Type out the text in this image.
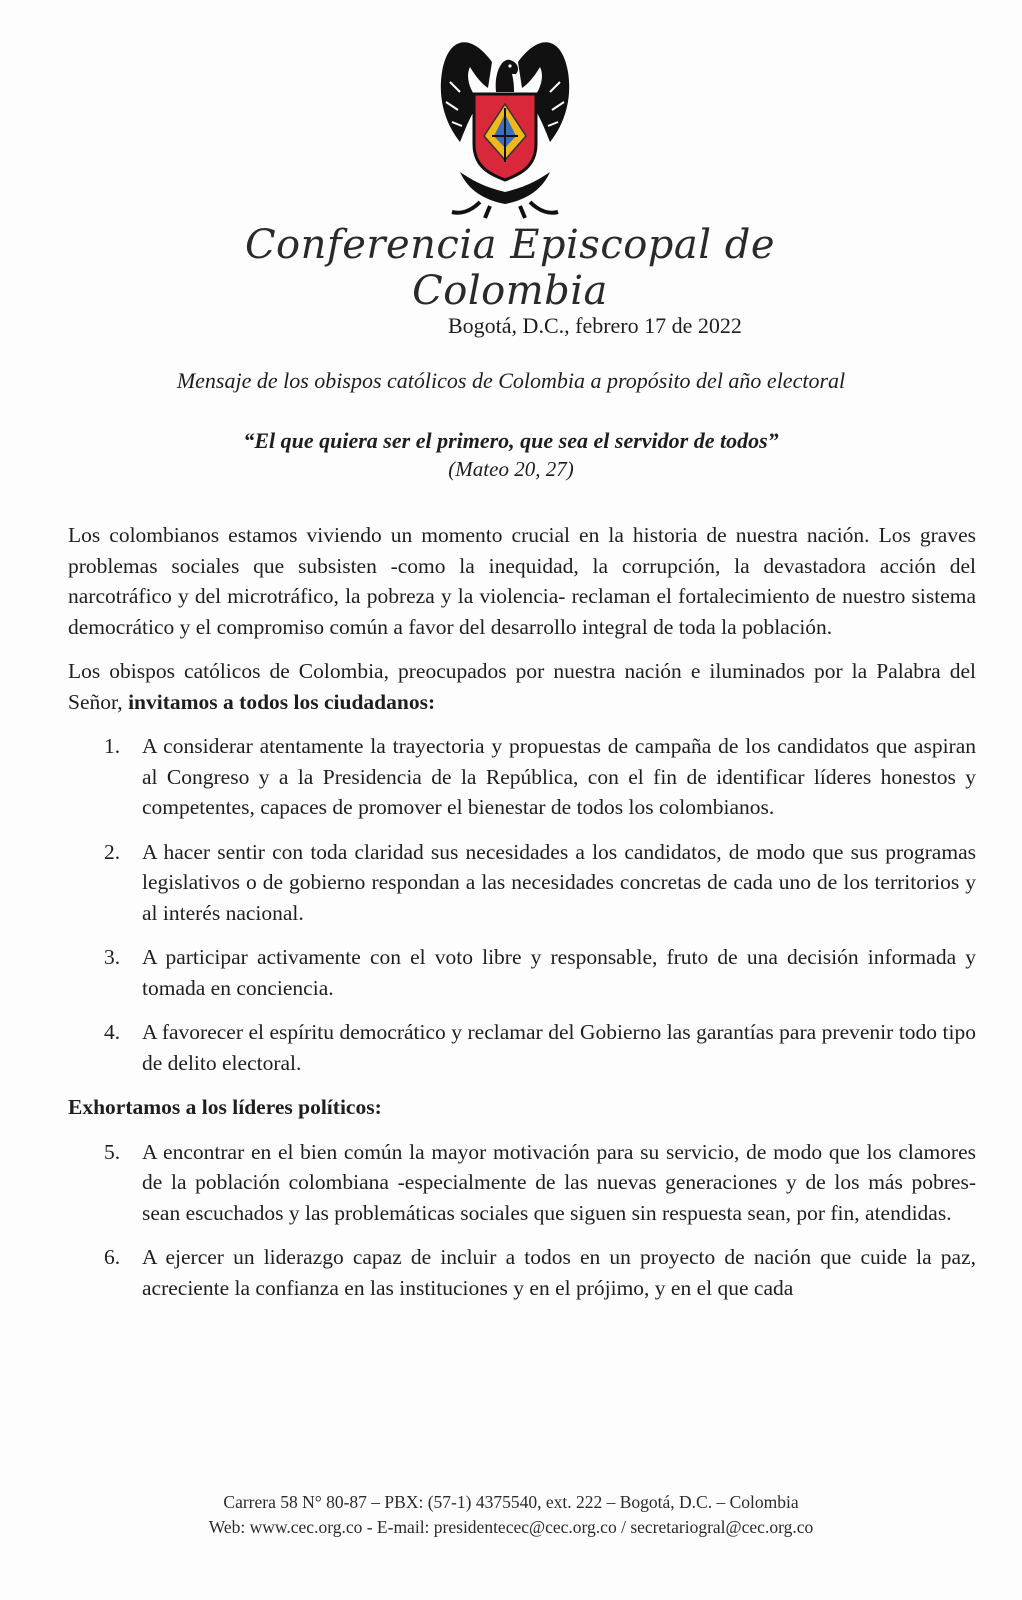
Conferencia Episcopal de Colombia
Bogotá, D.C., febrero 17 de 2022
Mensaje de los obispos católicos de Colombia a propósito del año electoral
“El que quiera ser el primero, que sea el servidor de todos”
(Mateo 20, 27)

Los colombianos estamos viviendo un momento crucial en la historia de nuestra nación. Los graves problemas sociales que subsisten -como la inequidad, la corrupción, la devastadora acción del narcotráfico y del microtráfico, la pobreza y la violencia- reclaman el fortalecimiento de nuestro sistema democrático y el compromiso común a favor del desarrollo integral de toda la población.

Los obispos católicos de Colombia, preocupados por nuestra nación e iluminados por la Palabra del Señor, invitamos a todos los ciudadanos:

1. A considerar atentamente la trayectoria y propuestas de campaña de los candidatos que aspiran al Congreso y a la Presidencia de la República, con el fin de identificar líderes honestos y competentes, capaces de promover el bienestar de todos los colombianos.
2. A hacer sentir con toda claridad sus necesidades a los candidatos, de modo que sus programas legislativos o de gobierno respondan a las necesidades concretas de cada uno de los territorios y al interés nacional.
3. A participar activamente con el voto libre y responsable, fruto de una decisión informada y tomada en conciencia.
4. A favorecer el espíritu democrático y reclamar del Gobierno las garantías para prevenir todo tipo de delito electoral.
Exhortamos a los líderes políticos:
5. A encontrar en el bien común la mayor motivación para su servicio, de modo que los clamores de la población colombiana -especialmente de las nuevas generaciones y de los más pobres- sean escuchados y las problemáticas sociales que siguen sin respuesta sean, por fin, atendidas.
6. A ejercer un liderazgo capaz de incluir a todos en un proyecto de nación que cuide la paz, acreciente la confianza en las instituciones y en el prójimo, y en el que cada
Carrera 58 N° 80-87 – PBX: (57-1) 4375540, ext. 222 – Bogotá, D.C. – Colombia
Web: www.cec.org.co - E-mail: presidentecec@cec.org.co / secretariogral@cec.org.co
